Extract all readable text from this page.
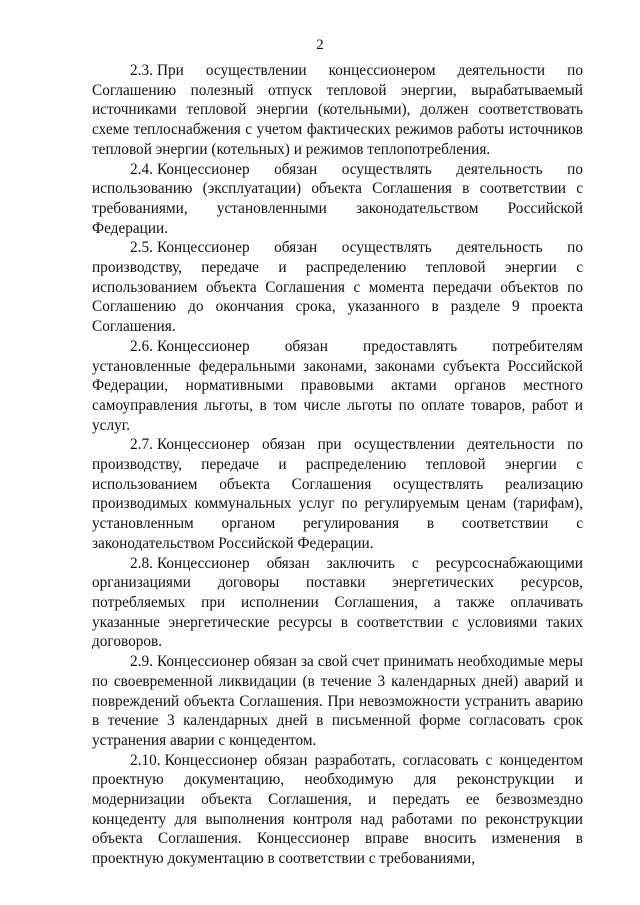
2

2.3. При осуществлении концессионером деятельности по Соглашению полезный отпуск тепловой энергии, вырабатываемый источниками тепловой энергии (котельными), должен соответствовать схеме теплоснабжения с учетом фактических режимов работы источников тепловой энергии (котельных) и режимов теплопотребления.

2.4. Концессионер обязан осуществлять деятельность по использованию (эксплуатации) объекта Соглашения в соответствии с требованиями, установленными законодательством Российской Федерации.

2.5. Концессионер обязан осуществлять деятельность по производству, передаче и распределению тепловой энергии с использованием объекта Соглашения с момента передачи объектов по Соглашению до окончания срока, указанного в разделе 9 проекта Соглашения.

2.6. Концессионер обязан предоставлять потребителям установленные федеральными законами, законами субъекта Российской Федерации, нормативными правовыми актами органов местного самоуправления льготы, в том числе льготы по оплате товаров, работ и услуг.

2.7. Концессионер обязан при осуществлении деятельности по производству, передаче и распределению тепловой энергии с использованием объекта Соглашения осуществлять реализацию производимых коммунальных услуг по регулируемым ценам (тарифам), установленным органом регулирования в соответствии с законодательством Российской Федерации.

2.8. Концессионер обязан заключить с ресурсоснабжающими организациями договоры поставки энергетических ресурсов, потребляемых при исполнении Соглашения, а также оплачивать указанные энергетические ресурсы в соответствии с условиями таких договоров.

2.9. Концессионер обязан за свой счет принимать необходимые меры по своевременной ликвидации (в течение 3 календарных дней) аварий и повреждений объекта Соглашения. При невозможности устранить аварию в течение 3 календарных дней в письменной форме согласовать срок устранения аварии с концедентом.

2.10. Концессионер обязан разработать, согласовать с концедентом проектную документацию, необходимую для реконструкции и модернизации объекта Соглашения, и передать ее безвозмездно концеденту для выполнения контроля над работами по реконструкции объекта Соглашения. Концессионер вправе вносить изменения в проектную документацию в соответствии с требованиями,
